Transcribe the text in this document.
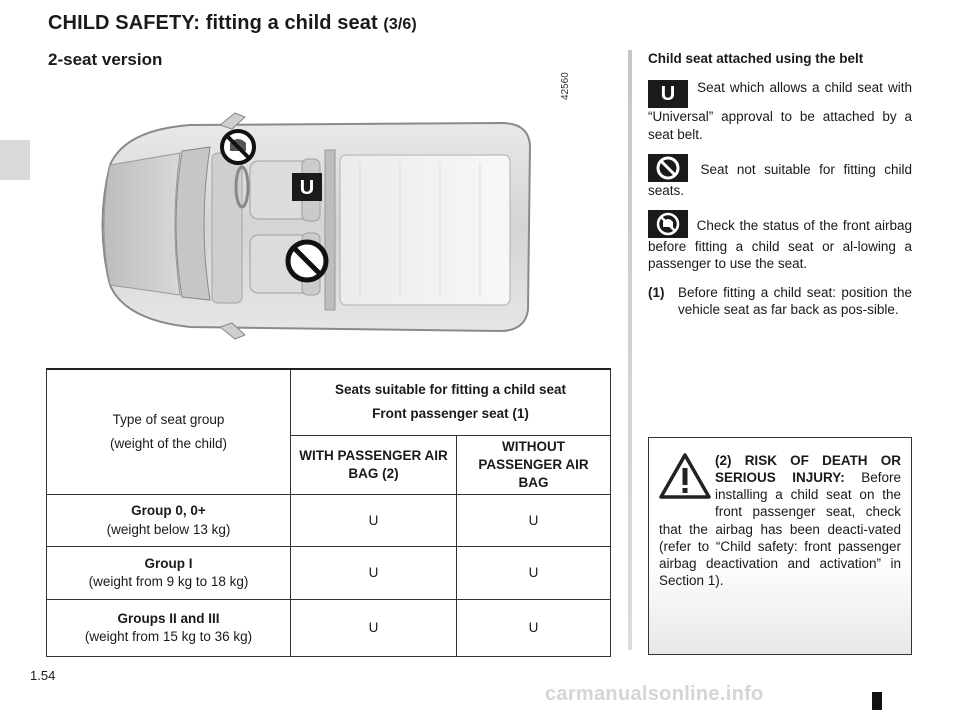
CHILD SAFETY: fitting a child seat (3/6)
2-seat version
U
42560
Type of seat group
(weight of the child)	Seats suitable for fitting a child seat
Front passenger seat (1)	

	WITH PASSENGER AIR BAG (2)	WITHOUT PASSENGER AIR BAG

Group 0, 0+
(weight below 13 kg)	U	U

Group I
(weight from 9 kg to 18 kg)	U	U

Groups II and III
(weight from 15 kg to 36 kg)	U	U

Child seat attached using the belt

U Seat which allows a child seat with “Universal” approval to be attached by a seat belt.

Seat not suitable for fitting child seats.

Check the status of the front airbag before fitting a child seat or al-lowing a passenger to use the seat.

(1)	Before fitting a child seat: position the vehicle seat as far back as pos-sible.
(2) RISK OF DEATH OR SERIOUS INJURY: Before installing a child seat on the front passenger seat, check that the airbag has been deacti-vated (refer to “Child safety: front passenger airbag deactivation and activation” in Section 1).
1.54
carmanualsonline.info
